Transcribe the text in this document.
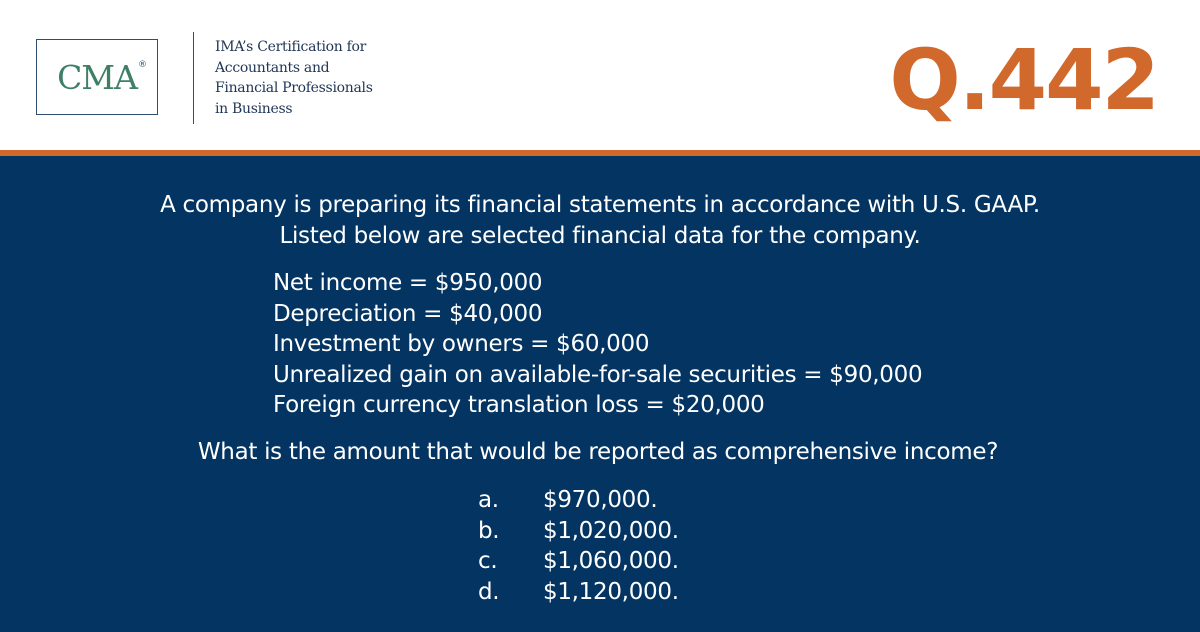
CMA ®
IMA’s Certification for
Accountants and
Financial Professionals
in Business	Q.442
A company is preparing its financial statements in accordance with U.S. GAAP.
Listed below are selected financial data for the company.
Net income = $950,000
Depreciation = $40,000
Investment by owners = $60,000
Unrealized gain on available-for-sale securities = $90,000
Foreign currency translation loss = $20,000
What is the amount that would be reported as comprehensive income?
a.	$970,000.
b.	$1,020,000.
c.	$1,060,000.
d.	$1,120,000.
